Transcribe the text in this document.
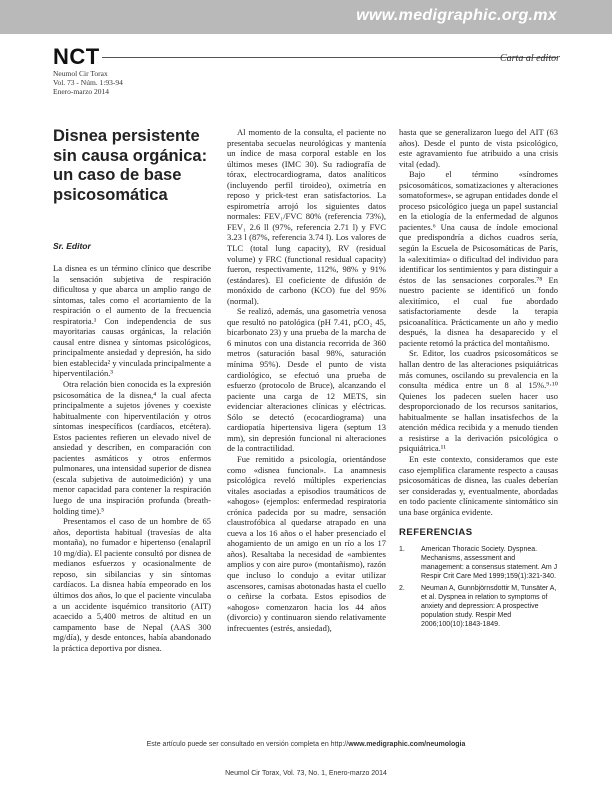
www.medigraphic.org.mx
NCT	Carta al editor
Neumol Cir Torax
Vol. 73 - Núm. 1:93-94
Enero-marzo 2014
Disnea persistente sin causa orgánica: un caso de base psicosomática
Sr. Editor

La disnea es un término clínico que describe la sensación subjetiva de respiración dificultosa y que abarca un amplio rango de síntomas, tales como el acortamiento de la respiración o el aumento de la frecuencia respiratoria.¹ Con independencia de sus mayoritarias causas orgánicas, la relación causal entre disnea y síntomas psicológicos, principalmente ansiedad y depresión, ha sido bien establecida² y vinculada principalmente a hiperventilación.³

Otra relación bien conocida es la expresión psicosomática de la disnea,⁴ la cual afecta principalmente a sujetos jóvenes y coexiste habitualmente con hiperventilación y otros síntomas inespecíficos (cardíacos, etcétera). Estos pacientes refieren un elevado nivel de ansiedad y describen, en comparación con pacientes asmáticos y otros enfermos pulmonares, una intensidad superior de disnea (escala subjetiva de autoimedición) y una menor capacidad para contener la respiración luego de una inspiración profunda (breath-holding time).⁵

Presentamos el caso de un hombre de 65 años, deportista habitual (travesías de alta montaña), no fumador e hipertenso (enalapril 10 mg/día). El paciente consultó por disnea de medianos esfuerzos y ocasionalmente de reposo, sin sibilancias y sin síntomas cardíacos. La disnea había empeorado en los últimos dos años, lo que el paciente vinculaba a un accidente isquémico transitorio (AIT) acaecido a 5,400 metros de altitud en un campamento base de Nepal (AAS 300 mg/día), y desde entonces, había abandonado la práctica deportiva por disnea.

Al momento de la consulta, el paciente no presentaba secuelas neurológicas y mantenía un índice de masa corporal estable en los últimos meses (IMC 30). Su radiografía de tórax, electrocardiograma, datos analíticos (incluyendo perfil tiroideo), oximetría en reposo y prick-test eran satisfactorios. La espirometría arrojó los siguientes datos normales: FEV₁/FVC 80% (referencia 73%), FEV₁ 2.6 ll (97%, referencia 2.71 l) y FVC 3.23 l (87%, referencia 3.74 l). Los valores de TLC (total lung capacity), RV (residual volume) y FRC (functional residual capacity) fueron, respectivamente, 112%, 98% y 91% (estándares). El coeficiente de difusión de monóxido de carbono (KCO) fue del 95% (normal).

Se realizó, además, una gasometría venosa que resultó no patológica (pH 7.41, pCO₂ 45, bicarbonato 23) y una prueba de la marcha de 6 minutos con una distancia recorrida de 360 metros (saturación basal 98%, saturación mínima 95%). Desde el punto de vista cardiológico, se efectuó una prueba de esfuerzo (protocolo de Bruce), alcanzando el paciente una carga de 12 METS, sin evidenciar alteraciones clínicas y eléctricas. Sólo se detectó (ecocardiograma) una cardiopatía hipertensiva ligera (septum 13 mm), sin depresión funcional ni alteraciones de la contractilidad.

Fue remitido a psicología, orientándose como «disnea funcional». La anamnesis psicológica reveló múltiples experiencias vitales asociadas a episodios traumáticos de «ahogos» (ejemplos: enfermedad respiratoria crónica padecida por su madre, sensación claustrofóbica al quedarse atrapado en una cueva a los 16 años o el haber presenciado el ahogamiento de un amigo en un río a los 17 años). Resaltaba la necesidad de «ambientes amplios y con aire puro» (montañismo), razón que incluso lo condujo a evitar utilizar ascensores, camisas abotonadas hasta el cuello o ceñirse la corbata. Estos episodios de «ahogos» comenzaron hacia los 44 años (divorcio) y continuaron siendo relativamente infrecuentes (estrés, ansiedad),

hasta que se generalizaron luego del AIT (63 años). Desde el punto de vista psicológico, este agravamiento fue atribuido a una crisis vital (edad).

Bajo el término «síndromes psicosomáticos, somatizaciones y alteraciones somatoformes», se agrupan entidades donde el proceso psicológico juega un papel sustancial en la etiología de la enfermedad de algunos pacientes.⁶ Una causa de índole emocional que predispondría a dichos cuadros sería, según la Escuela de Psicosomáticas de París, la «alexitimia» o dificultad del individuo para identificar los sentimientos y para distinguir a éstos de las sensaciones corporales.⁷⁸ En nuestro paciente se identificó un fondo alexitímico, el cual fue abordado satisfactoriamente desde la terapia psicoanalítica. Prácticamente un año y medio después, la disnea ha desaparecido y el paciente retomó la práctica del montañismo.

Sr. Editor, los cuadros psicosomáticos se hallan dentro de las alteraciones psiquiátricas más comunes, oscilando su prevalencia en la consulta médica entre un 8 al 15%.⁹·¹⁰ Quienes los padecen suelen hacer uso desproporcionado de los recursos sanitarios, habitualmente se hallan insatisfechos de la atención médica recibida y a menudo tienden a resistirse a la derivación psicológica o psiquiátrica.¹¹

En este contexto, consideramos que este caso ejemplifica claramente respecto a causas psicosomáticas de disnea, las cuales deberían ser consideradas y, eventualmente, abordadas en todo paciente clínicamente sintomático sin una base orgánica evidente.

REFERENCIAS
1.	American Thoracic Society. Dyspnea. Mechanisms, assessment and management: a consensus statement. Am J Respir Crit Care Med 1999;159(1):321-340.
2.	Neuman A, Gunnbjörnsdottir M, Tunsäter A, et al. Dyspnea in relation to symptoms of anxiety and depression: A prospective population study. Respir Med 2006;100(10):1843-1849.
Este artículo puede ser consultado en versión completa en http://www.medigraphic.com/neumologia
Neumol Cir Torax, Vol. 73, No. 1, Enero-marzo 2014
